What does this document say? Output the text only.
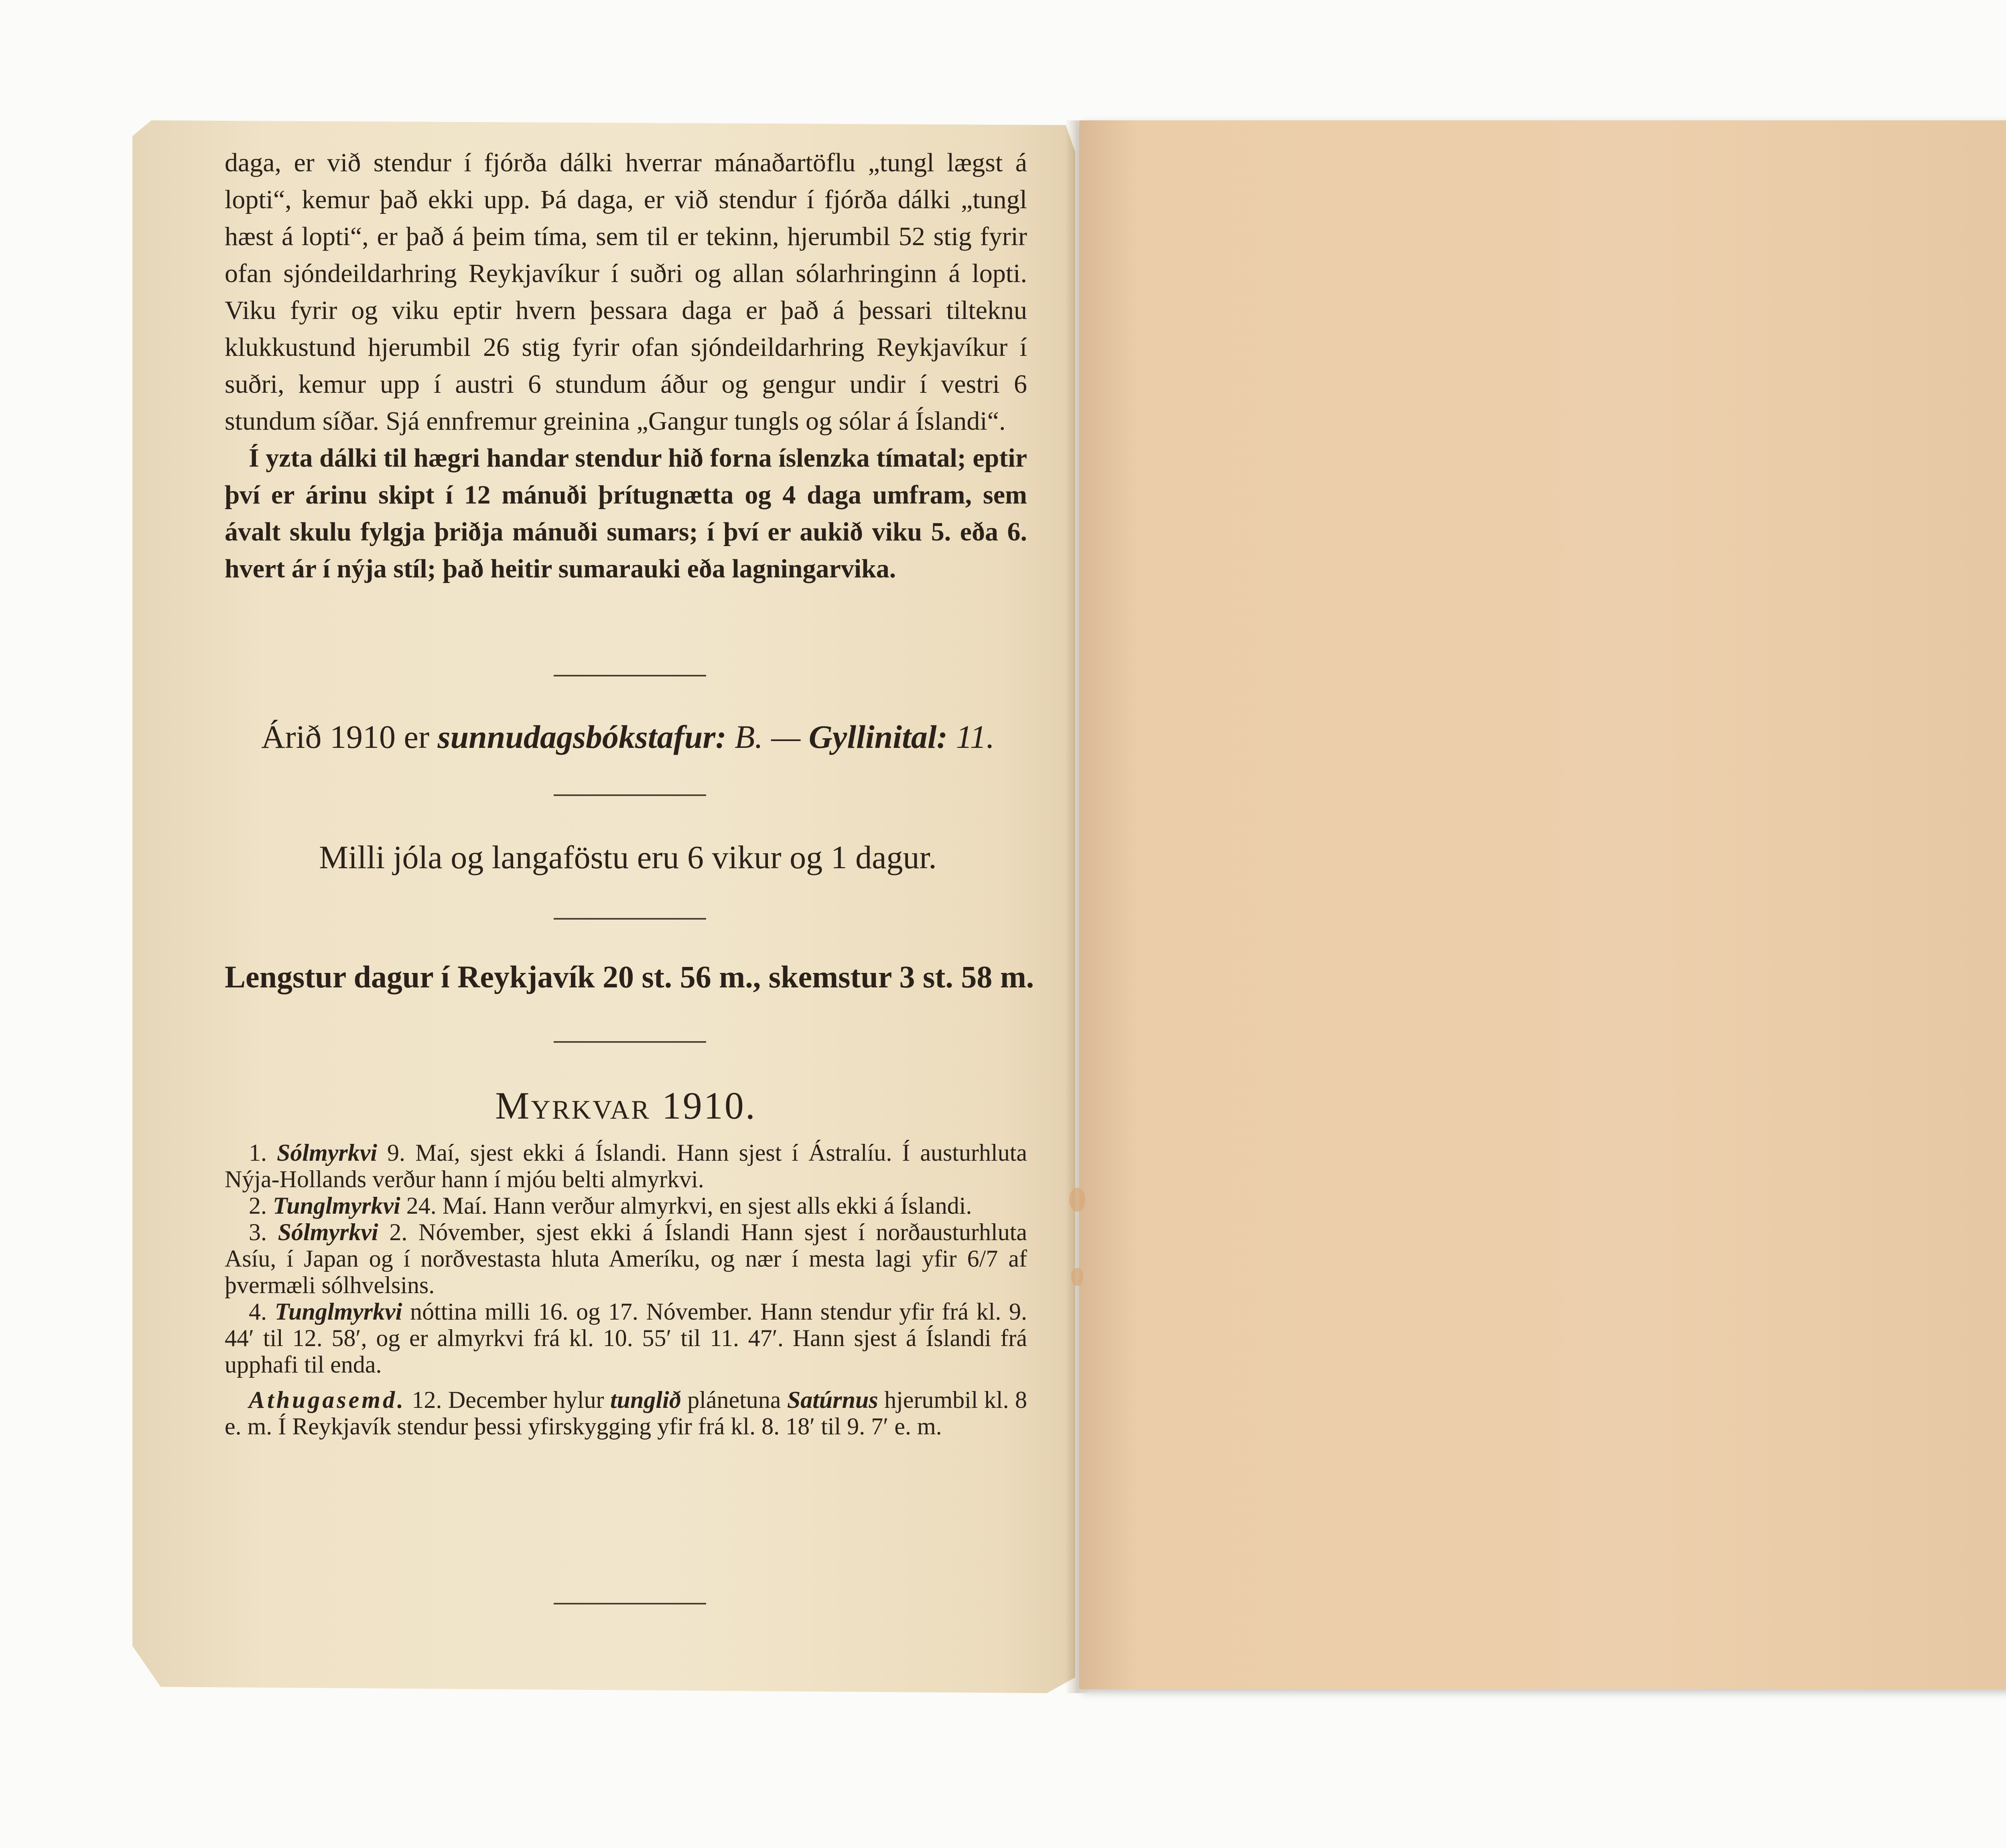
daga, er við stendur í fjórða dálki hverrar mánaðartöflu „tungl lægst á lopti“, kemur það ekki upp. Þá daga, er við stendur í fjórða dálki „tungl hæst á lopti“, er það á þeim tíma, sem til er tekinn, hjerumbil 52 stig fyrir ofan sjóndeildarhring Reykjavíkur í suðri og allan sólarhringinn á lopti. Viku fyrir og viku eptir hvern þessara daga er það á þessari tilteknu klukkustund hjerumbil 26 stig fyrir ofan sjóndeildarhring Reykjavíkur í suðri, kemur upp í austri 6 stundum áður og gengur undir í vestri 6 stundum síðar. Sjá ennfremur greinina „Gangur tungls og sólar á Íslandi“.

Í yzta dálki til hægri handar stendur hið forna íslenzka tímatal; eptir því er árinu skipt í 12 mánuði þrítugnætta og 4 daga umfram, sem ávalt skulu fylgja þriðja mánuði sumars; í því er aukið viku 5. eða 6. hvert ár í nýja stíl; það heitir sumarauki eða lagningarvika.

Árið 1910 er sunnudagsbókstafur: B. — Gyllinital: 11.
Milli jóla og langaföstu eru 6 vikur og 1 dagur.
Lengstur dagur í Reykjavík 20 st. 56 m., skemstur 3 st. 58 m.
Myrkvar 1910.

1. Sólmyrkvi 9. Maí, sjest ekki á Íslandi. Hann sjest í Ástralíu. Í austurhluta Nýja-Hollands verður hann í mjóu belti almyrkvi.

2. Tunglmyrkvi 24. Maí. Hann verður almyrkvi, en sjest alls ekki á Íslandi.

3. Sólmyrkvi 2. Nóvember, sjest ekki á Íslandi Hann sjest í norðausturhluta Asíu, í Japan og í norðvestasta hluta Ameríku, og nær í mesta lagi yfir 6/7 af þvermæli sólhvelsins.

4. Tunglmyrkvi nóttina milli 16. og 17. Nóvember. Hann stendur yfir frá kl. 9. 44ʹ til 12. 58ʹ, og er almyrkvi frá kl. 10. 55ʹ til 11. 47ʹ. Hann sjest á Íslandi frá upphafi til enda.

Athugasemd. 12. December hylur tunglið plánetuna Satúrnus hjerumbil kl. 8 e. m. Í Reykjavík stendur þessi yfirskygging yfir frá kl. 8. 18ʹ til 9. 7ʹ e. m.
